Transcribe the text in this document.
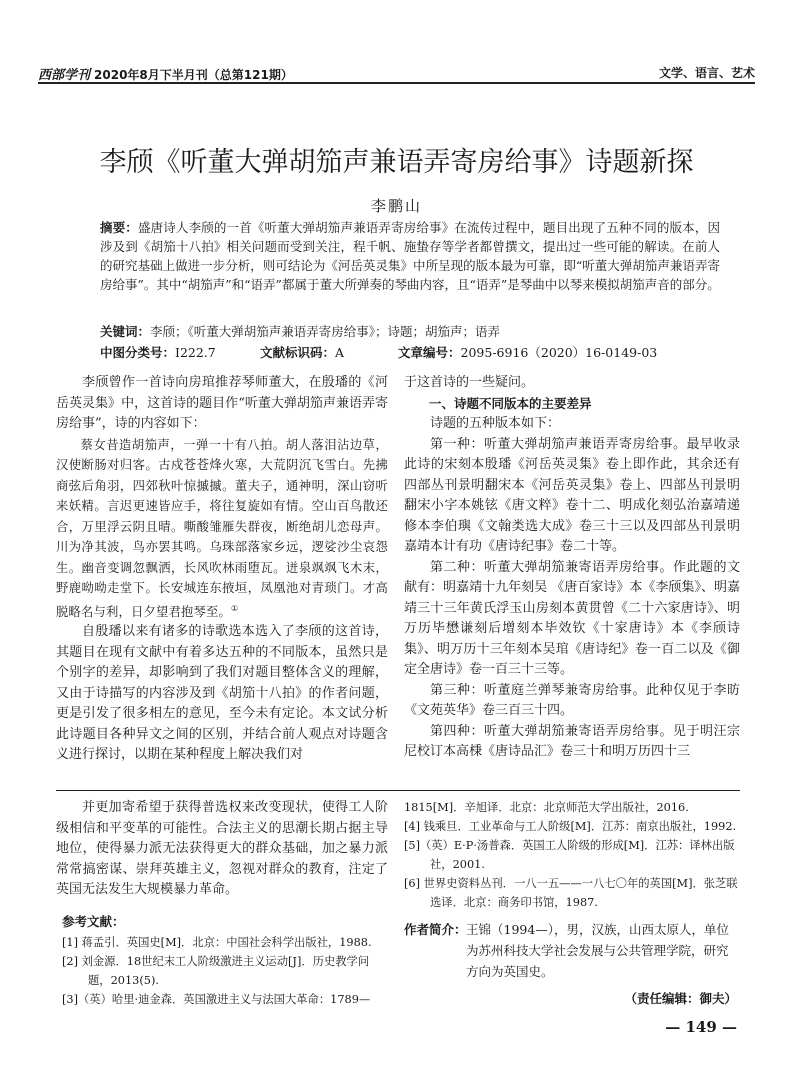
西部学刊 2020年8月下半月刊（总第121期）	文学、语言、艺术
李颀《听董大弹胡笳声兼语弄寄房给事》诗题新探
李鹏山
摘要：盛唐诗人李颀的一首《听董大弹胡笳声兼语弄寄房给事》在流传过程中，题目出现了五种不同的版本，因涉及到《胡笳十八拍》相关问题而受到关注，程千帆、施蛰存等学者都曾撰文，提出过一些可能的解读。在前人的研究基础上做进一步分析，则可结论为《河岳英灵集》中所呈现的版本最为可靠，即“听董大弹胡笳声兼语弄寄房给事”。其中“胡笳声”和“语弄”都属于董大所弹奏的琴曲内容，且“语弄”是琴曲中以琴来模拟胡笳声音的部分。
关键词：李颀；《听董大弹胡笳声兼语弄寄房给事》；诗题；胡笳声；语弄
中图分类号：I222.7	文献标识码：A	文章编号：2095-6916（2020）16-0149-03

李颀曾作一首诗向房琯推荐琴师董大，在殷璠的《河岳英灵集》中，这首诗的题目作“听董大弹胡笳声兼语弄寄房给事”，诗的内容如下：

蔡女昔造胡笳声，一弹一十有八拍。胡人落泪沾边草，汉使断肠对归客。古戍苍苍烽火寒，大荒阴沉飞雪白。先拂商弦后角羽，四郊秋叶惊摵摵。董夫子，通神明，深山窃听来妖精。言迟更速皆应手，将往复旋如有情。空山百鸟散还合，万里浮云阴且晴。嘶酸雏雁失群夜，断绝胡儿恋母声。川为净其波，鸟亦罢其鸣。乌珠部落家乡远，逻娑沙尘哀怨生。幽音变调忽飘洒，长风吹林雨堕瓦。迸泉飒飒飞木末，野鹿呦呦走堂下。长安城连东掖垣，凤凰池对青琐门。才高脱略名与利，日夕望君抱琴至。①

自殷璠以来有诸多的诗歌选本选入了李颀的这首诗，其题目在现有文献中有着多达五种的不同版本，虽然只是个别字的差异，却影响到了我们对题目整体含义的理解，又由于诗描写的内容涉及到《胡笳十八拍》的作者问题，更是引发了很多相左的意见，至今未有定论。本文试分析此诗题目各种异文之间的区别，并结合前人观点对诗题含义进行探讨，以期在某种程度上解决我们对

于这首诗的一些疑问。

一、诗题不同版本的主要差异

诗题的五种版本如下：

第一种：听董大弹胡笳声兼语弄寄房给事。最早收录此诗的宋刻本殷璠《河岳英灵集》卷上即作此，其余还有四部丛刊景明翻宋本《河岳英灵集》卷上、四部丛刊景明翻宋小字本姚铉《唐文粹》卷十二、明成化刻弘治嘉靖递修本李伯璵《文翰类选大成》卷三十三以及四部丛刊景明嘉靖本计有功《唐诗纪事》卷二十等。

第二种：听董大弹胡笳兼寄语弄房给事。作此题的文献有：明嘉靖十九年刻吴 《唐百家诗》本《李颀集》、明嘉靖三十三年黄氏浮玉山房刻本黄贯曾《二十六家唐诗》、明万历毕懋谦刻后增刻本毕效钦《十家唐诗》本《李颀诗集》、明万历十三年刻本吴琯《唐诗纪》卷一百二以及《御定全唐诗》卷一百三十三等。

第三种：听董庭兰弹琴兼寄房给事。此种仅见于李昉《文苑英华》卷三百三十四。

第四种：听董大弹胡笳兼寄语弄房给事。见于明汪宗尼校订本高棅《唐诗品汇》卷三十和明万历四十三

并更加寄希望于获得普选权来改变现状，使得工人阶级相信和平变革的可能性。合法主义的思潮长期占据主导地位，使得暴力派无法获得更大的群众基础，加之暴力派常常搞密谋、崇拜英雄主义，忽视对群众的教育，注定了英国无法发生大规模暴力革命。

参考文献：
[1] 蒋孟引．英国史[M]．北京：中国社会科学出版社，1988.
[2] 刘金源．18世纪末工人阶级激进主义运动[J]．历史教学问题，2013(5).
[3]（英）哈里·迪金森．英国激进主义与法国大革命：1789—
1815[M]．辛旭译．北京：北京师范大学出版社，2016.
[4] 钱乘旦．工业革命与工人阶级[M]．江苏：南京出版社，1992.
[5]（英）E·P·汤普森．英国工人阶级的形成[M]．江苏：译林出版社，2001.
[6] 世界史资料丛刊．一八一五——一八七〇年的英国[M]．张芝联选译．北京：商务印书馆，1987.
作者简介： 王锦（1994—），男，汉族，山西太原人，单位为苏州科技大学社会发展与公共管理学院，研究方向为英国史。
（责任编辑：御夫）
— 149 —
